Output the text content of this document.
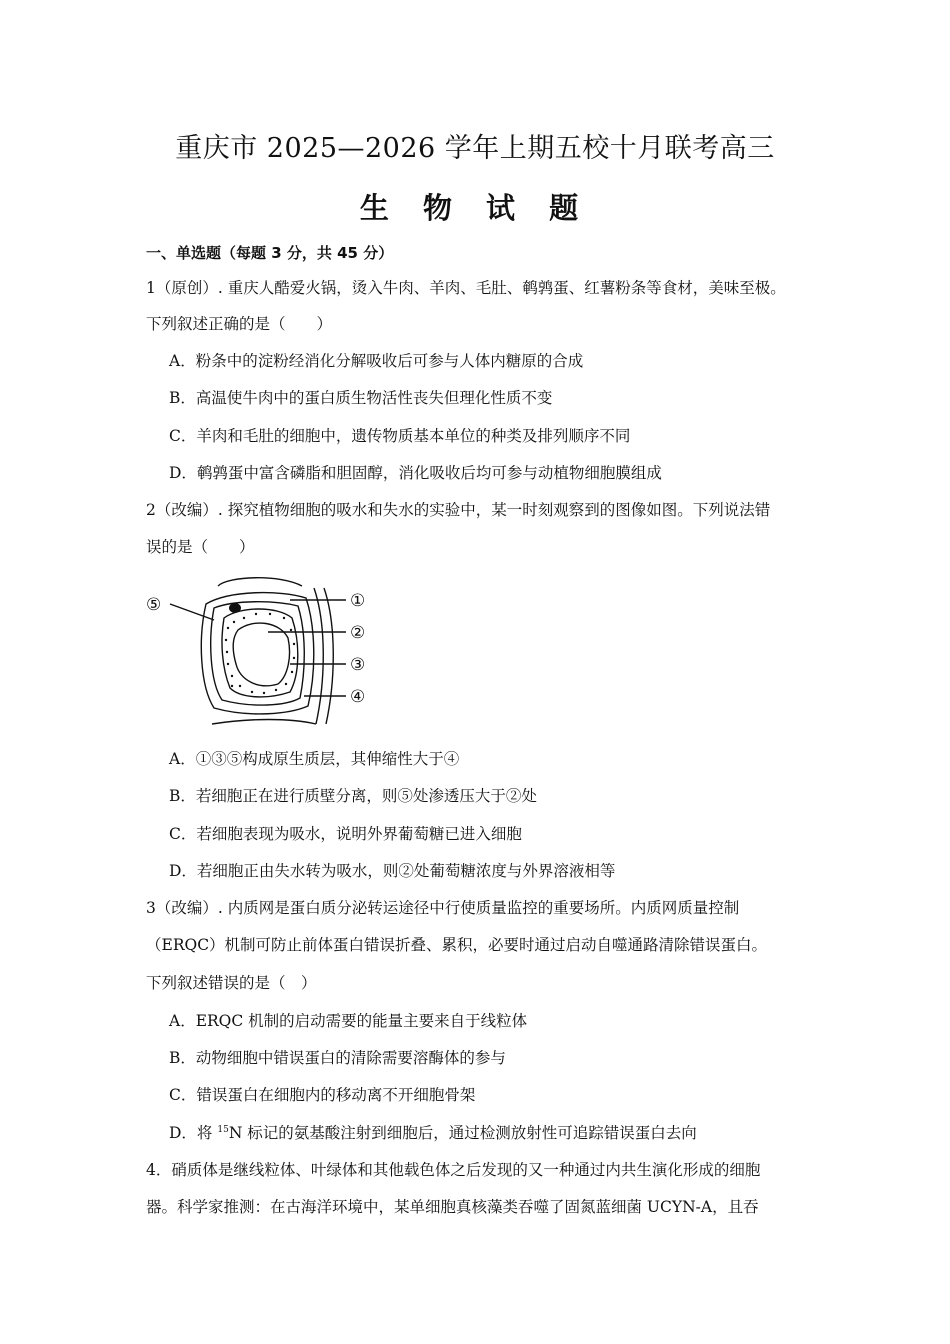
重庆市 2025—2026 学年上期五校十月联考高三
生 物 试 题
一、单选题（每题 3 分，共 45 分）
1（原创）. 重庆人酷爱火锅，烫入牛肉、羊肉、毛肚、鹌鹑蛋、红薯粉条等食材，美味至极。
下列叙述正确的是（　　）
A．粉条中的淀粉经消化分解吸收后可参与人体内糖原的合成
B．高温使牛肉中的蛋白质生物活性丧失但理化性质不变
C．羊肉和毛肚的细胞中，遗传物质基本单位的种类及排列顺序不同
D．鹌鹑蛋中富含磷脂和胆固醇，消化吸收后均可参与动植物细胞膜组成
2（改编）. 探究植物细胞的吸水和失水的实验中，某一时刻观察到的图像如图。下列说法错
误的是（　　）
⑤	①
②
③
④
A．①③⑤构成原生质层，其伸缩性大于④
B．若细胞正在进行质壁分离，则⑤处渗透压大于②处
C．若细胞表现为吸水，说明外界葡萄糖已进入细胞
D．若细胞正由失水转为吸水，则②处葡萄糖浓度与外界溶液相等
3（改编）. 内质网是蛋白质分泌转运途径中行使质量监控的重要场所。内质网质量控制
（ERQC）机制可防止前体蛋白错误折叠、累积，必要时通过启动自噬通路清除错误蛋白。
下列叙述错误的是（　）
A．ERQC 机制的启动需要的能量主要来自于线粒体
B．动物细胞中错误蛋白的清除需要溶酶体的参与
C．错误蛋白在细胞内的移动离不开细胞骨架
D．将 $^{15}$N 标记的氨基酸注射到细胞后，通过检测放射性可追踪错误蛋白去向
4．硝质体是继线粒体、叶绿体和其他载色体之后发现的又一种通过内共生演化形成的细胞
器。科学家推测：在古海洋环境中，某单细胞真核藻类吞噬了固氮蓝细菌 UCYN-A，且吞
